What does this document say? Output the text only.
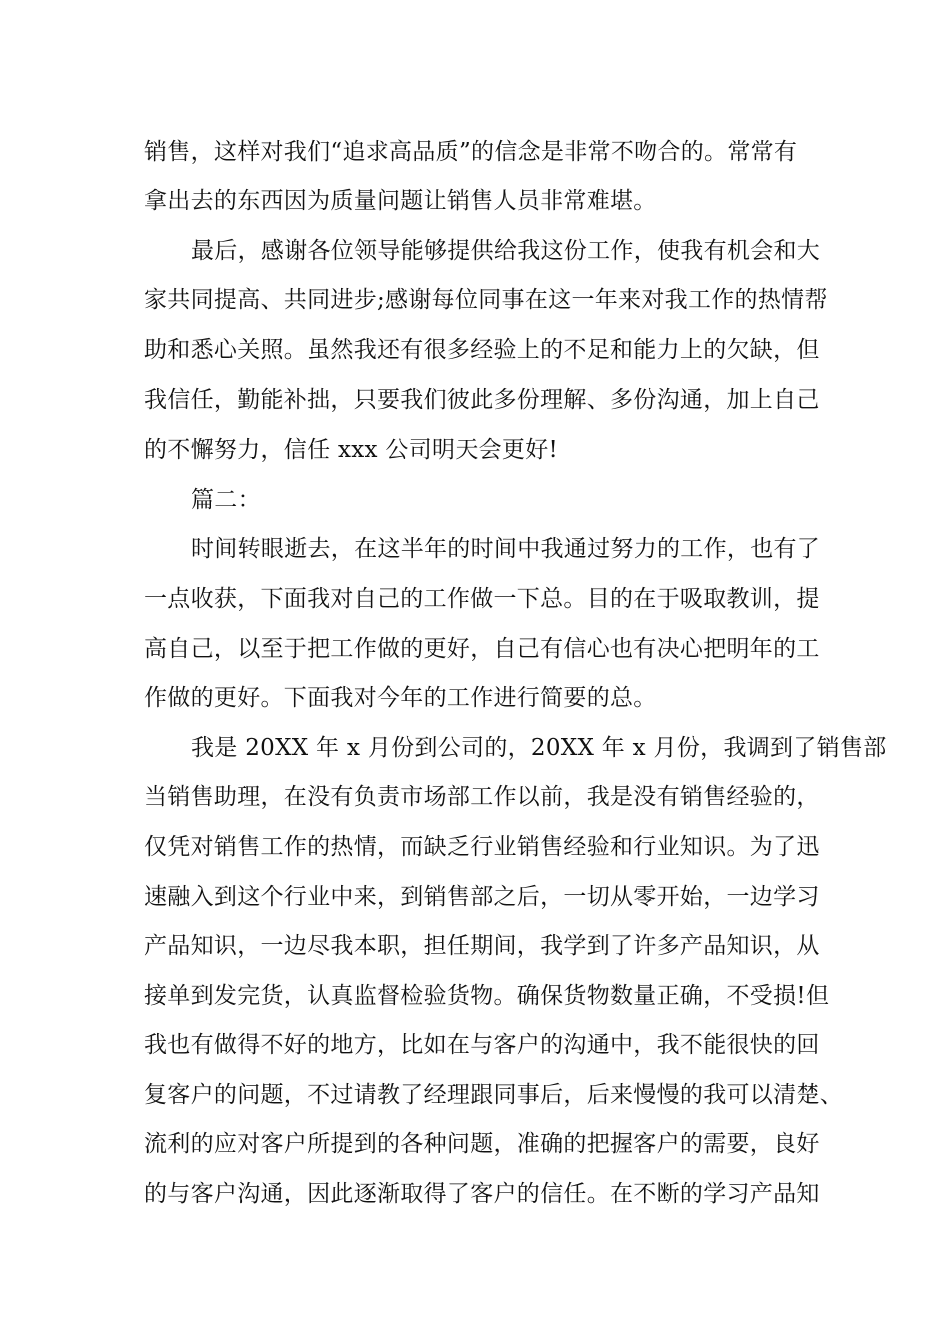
销售，这样对我们“追求高品质”的信念是非常不吻合的。常常有
拿出去的东西因为质量问题让销售人员非常难堪。
最后，感谢各位领导能够提供给我这份工作，使我有机会和大
家共同提高、共同进步;感谢每位同事在这一年来对我工作的热情帮
助和悉心关照。虽然我还有很多经验上的不足和能力上的欠缺，但
我信任，勤能补拙，只要我们彼此多份理解、多份沟通，加上自己
的不懈努力，信任 xxx 公司明天会更好!
篇二：
时间转眼逝去，在这半年的时间中我通过努力的工作，也有了
一点收获，下面我对自己的工作做一下总。目的在于吸取教训，提
高自己，以至于把工作做的更好，自己有信心也有决心把明年的工
作做的更好。下面我对今年的工作进行简要的总。
我是 20XX 年 x 月份到公司的，20XX 年 x 月份，我调到了销售部
当销售助理，在没有负责市场部工作以前，我是没有销售经验的，
仅凭对销售工作的热情，而缺乏行业销售经验和行业知识。为了迅
速融入到这个行业中来，到销售部之后，一切从零开始，一边学习
产品知识，一边尽我本职，担任期间，我学到了许多产品知识，从
接单到发完货，认真监督检验货物。确保货物数量正确，不受损!但
我也有做得不好的地方，比如在与客户的沟通中，我不能很快的回
复客户的问题，不过请教了经理跟同事后，后来慢慢的我可以清楚、
流利的应对客户所提到的各种问题，准确的把握客户的需要，良好
的与客户沟通，因此逐渐取得了客户的信任。在不断的学习产品知
